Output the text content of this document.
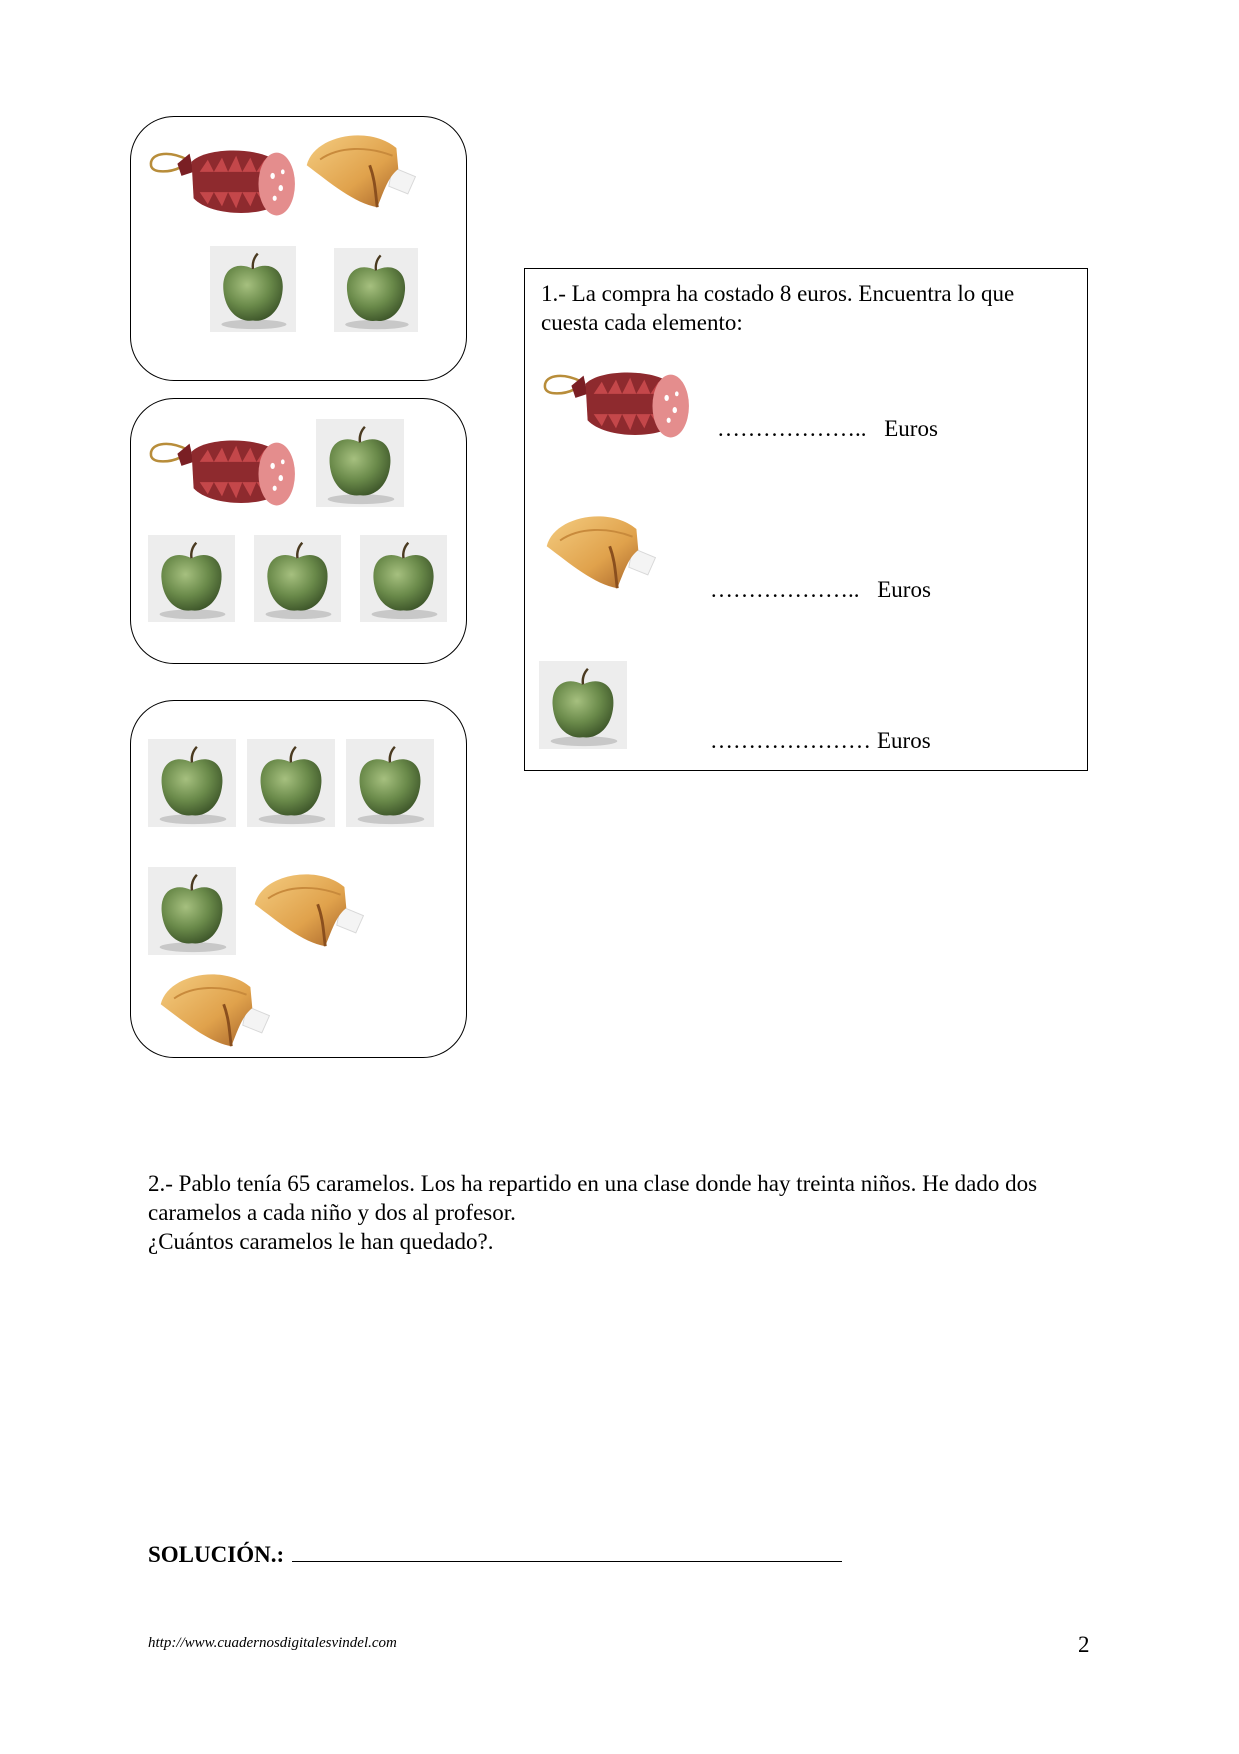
1.- La compra ha costado 8 euros. Encuentra lo que cuesta cada elemento:
……………….. Euros
……………….. Euros
………………… Euros

2.- Pablo tenía 65 caramelos. Los ha repartido en una clase donde hay treinta niños. He dado dos caramelos a cada niño y dos al profesor.

¿Cuántos caramelos le han quedado?.

SOLUCIÓN.:
http://www.cuadernosdigitalesvindel.com	2
